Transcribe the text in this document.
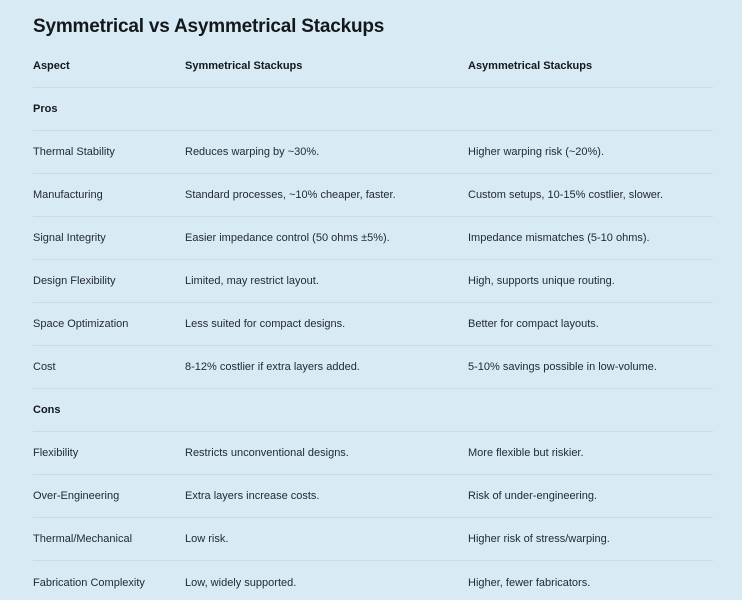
Symmetrical vs Asymmetrical Stackups
Aspect	Symmetrical Stackups	Asymmetrical Stackups
Pros
Thermal Stability	Reduces warping by ~30%.	Higher warping risk (~20%).
Manufacturing	Standard processes, ~10% cheaper, faster.	Custom setups, 10-15% costlier, slower.
Signal Integrity	Easier impedance control (50 ohms ±5%).	Impedance mismatches (5-10 ohms).
Design Flexibility	Limited, may restrict layout.	High, supports unique routing.
Space Optimization	Less suited for compact designs.	Better for compact layouts.
Cost	8-12% costlier if extra layers added.	5-10% savings possible in low-volume.
Cons
Flexibility	Restricts unconventional designs.	More flexible but riskier.
Over-Engineering	Extra layers increase costs.	Risk of under-engineering.
Thermal/Mechanical	Low risk.	Higher risk of stress/warping.
Fabrication Complexity	Low, widely supported.	Higher, fewer fabricators.
